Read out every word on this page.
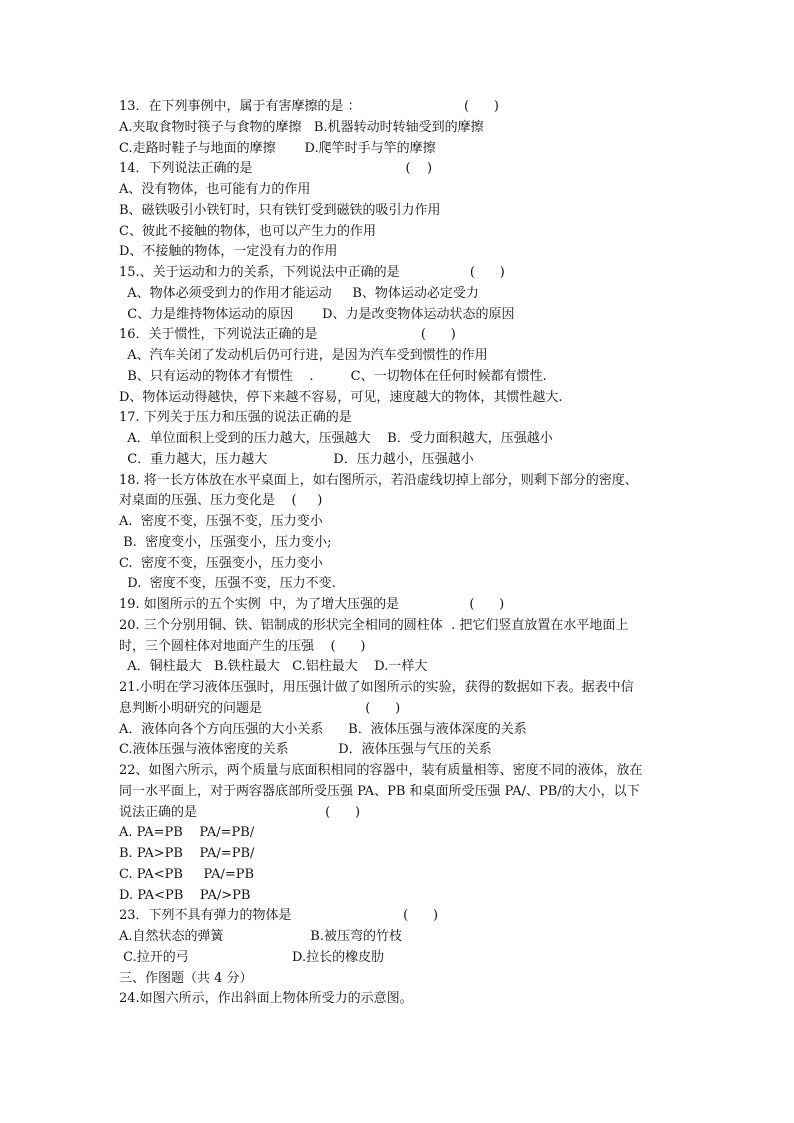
13．在下列事例中，属于有害摩擦的是 ：                         (      )
A.夹取食物时筷子与食物的摩擦   B.机器转动时转轴受到的摩擦
C.走路时鞋子与地面的摩擦       D.爬竿时手与竿的摩擦
14．下列说法正确的是                                     (    )
A、没有物体，也可能有力的作用
B、磁铁吸引小铁钉时，只有铁钉受到磁铁的吸引力作用
C、彼此不接触的物体，也可以产生力的作用
D、不接触的物体，一定没有力的作用
15.、关于运动和力的关系，下列说法中正确的是                 (      )
A、物体必须受到力的作用才能运动     B、物体运动必定受力
C、力是维持物体运动的原因       D、力是改变物体运动状态的原因
16．关于惯性，下列说法正确的是                         (      )
A、汽车关闭了发动机后仍可行进，是因为汽车受到惯性的作用
B、只有运动的物体才有惯性    .         C、一切物体在任何时候都有惯性.
D、物体运动得越快，停下来越不容易，可见，速度越大的物体，其惯性越大.
17. 下列关于压力和压强的说法正确的是
A．单位面积上受到的压力越大，压强越大    B．受力面积越大，压强越小
C．重力越大，压力越大                D．压力越小，压强越小
18. 将一长方体放在水平桌面上，如右图所示，若沿虚线切掉上部分，则剩下部分的密度、
对桌面的压强、压力变化是    (     )
A.  密度不变，压强不变，压力变小
B.  密度变小，压强变小，压力变小;
C.  密度不变，压强变小，压力变小
D.  密度不变，压强不变，压力不变.
19. 如图所示的五个实例  中，为了增大压强的是                 (      )
20. 三个分别用铜、铁、铝制成的形状完全相同的圆柱体  . 把它们竖直放置在水平地面上
时，三个圆柱体对地面产生的压强    (      )
A．铜柱最大   B.铁柱最大   C.铝柱最大    D.一样大
21.小明在学习液体压强时，用压强计做了如图所示的实验，获得的数据如下表。据表中信
息判断小明研究的问题是                         (      )
A．液体向各个方向压强的大小关系      B．液体压强与液体深度的关系
C.液体压强与液体密度的关系            D．液体压强与气压的关系
22、如图六所示，两个质量与底面积相同的容器中，装有质量相等、密度不同的液体，放在
同一水平面上，对于两容器底部所受压强 PA、PB 和桌面所受压强 PA/、PB/的大小，以下
说法正确的是                               (      )
A. PA=PB    PA/=PB/
B. PA>PB    PA/=PB/
C. PA<PB     PA/=PB
D. PA<PB    PA/>PB
23．下列不具有弹力的物体是                           (      )
A.自然状态的弹簧                     B.被压弯的竹枝
C.拉开的弓                         D.拉长的橡皮肋
三、作图题（共 4 分）
24.如图六所示，作出斜面上物体所受力的示意图。
